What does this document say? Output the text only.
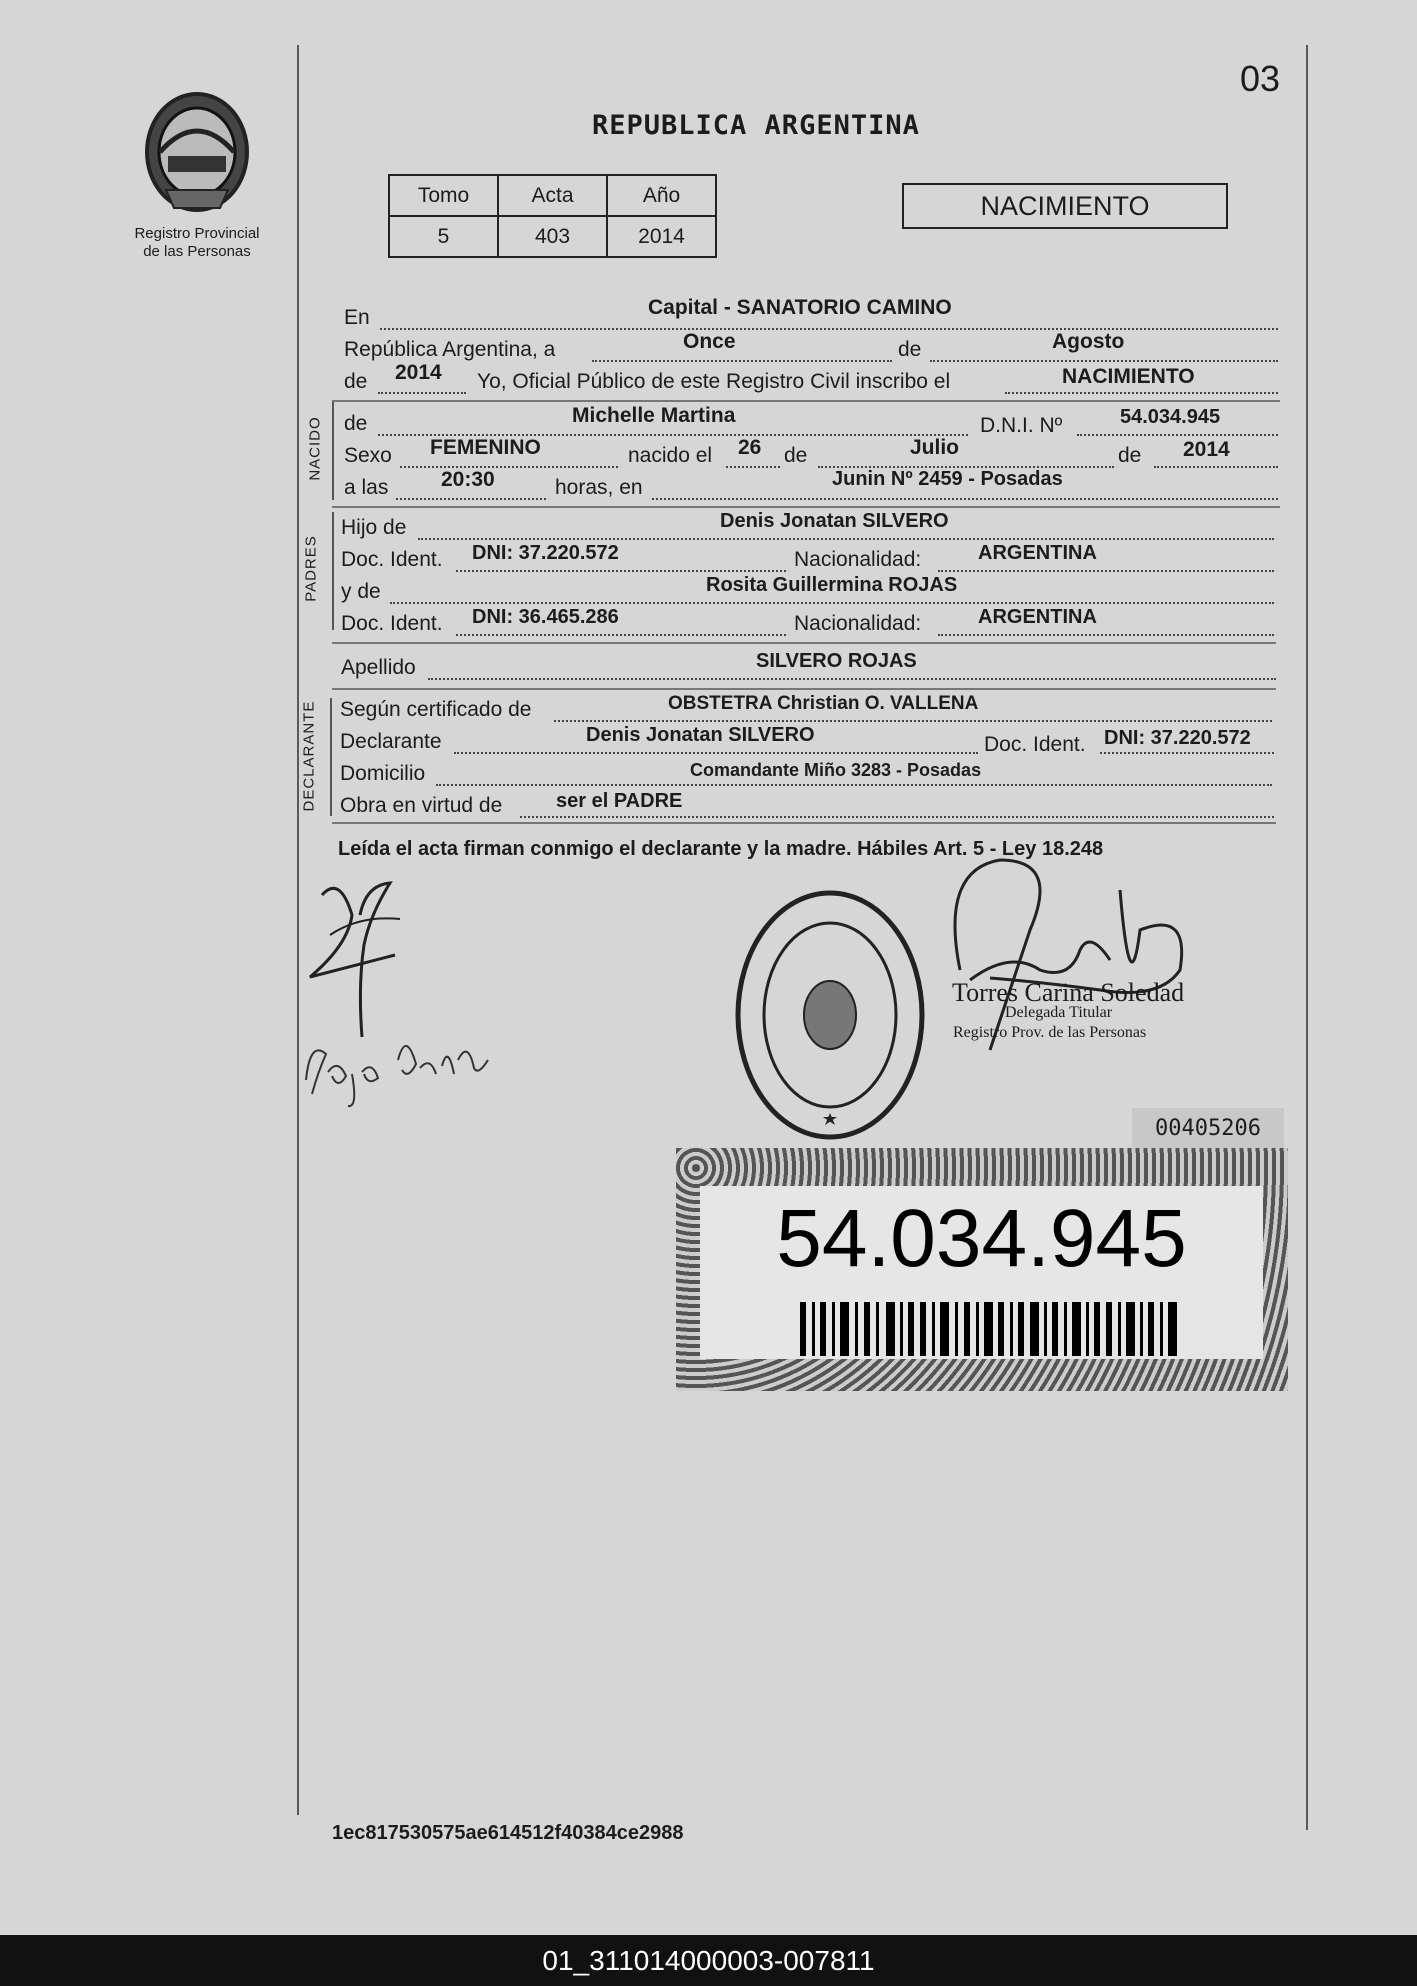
03
Registro Provincial
de las Personas
REPUBLICA ARGENTINA
Tomo	Acta	Año
5	403	2014
NACIMIENTO
En	Capital - SANATORIO CAMINO
República Argentina, a	Once	de	Agosto
de 2014 Yo, Oficial Público de este Registro Civil inscribo el	NACIMIENTO
NACIDO de	Michelle Martina	D.N.I. Nº	54.034.945
Sexo FEMENINO	nacido el 26 de	Julio	de 2014
a las	20:30	horas, en	Junin Nº 2459 - Posadas
PADRES
Hijo de	Denis Jonatan SILVERO
Doc. Ident. DNI: 37.220.572	Nacionalidad:	ARGENTINA
y de	Rosita Guillermina ROJAS
Doc. Ident. DNI: 36.465.286	Nacionalidad:	ARGENTINA
Apellido	SILVERO ROJAS
DECLARANTE Según certificado de	OBSTETRA Christian O. VALLENA
Declarante	Denis Jonatan SILVERO	Doc. Ident. DNI: 37.220.572
Domicilio	Comandante Miño 3283 - Posadas
Obra en virtud de	ser el PADRE
Leída el acta firman conmigo el declarante y la madre. Hábiles Art. 5 - Ley 18.248
Torres Carina Soledad
Delegada Titular
Registro Prov. de las Personas
00405206
54.034.945
1ec817530575ae614512f40384ce2988
01_311014000003-007811
